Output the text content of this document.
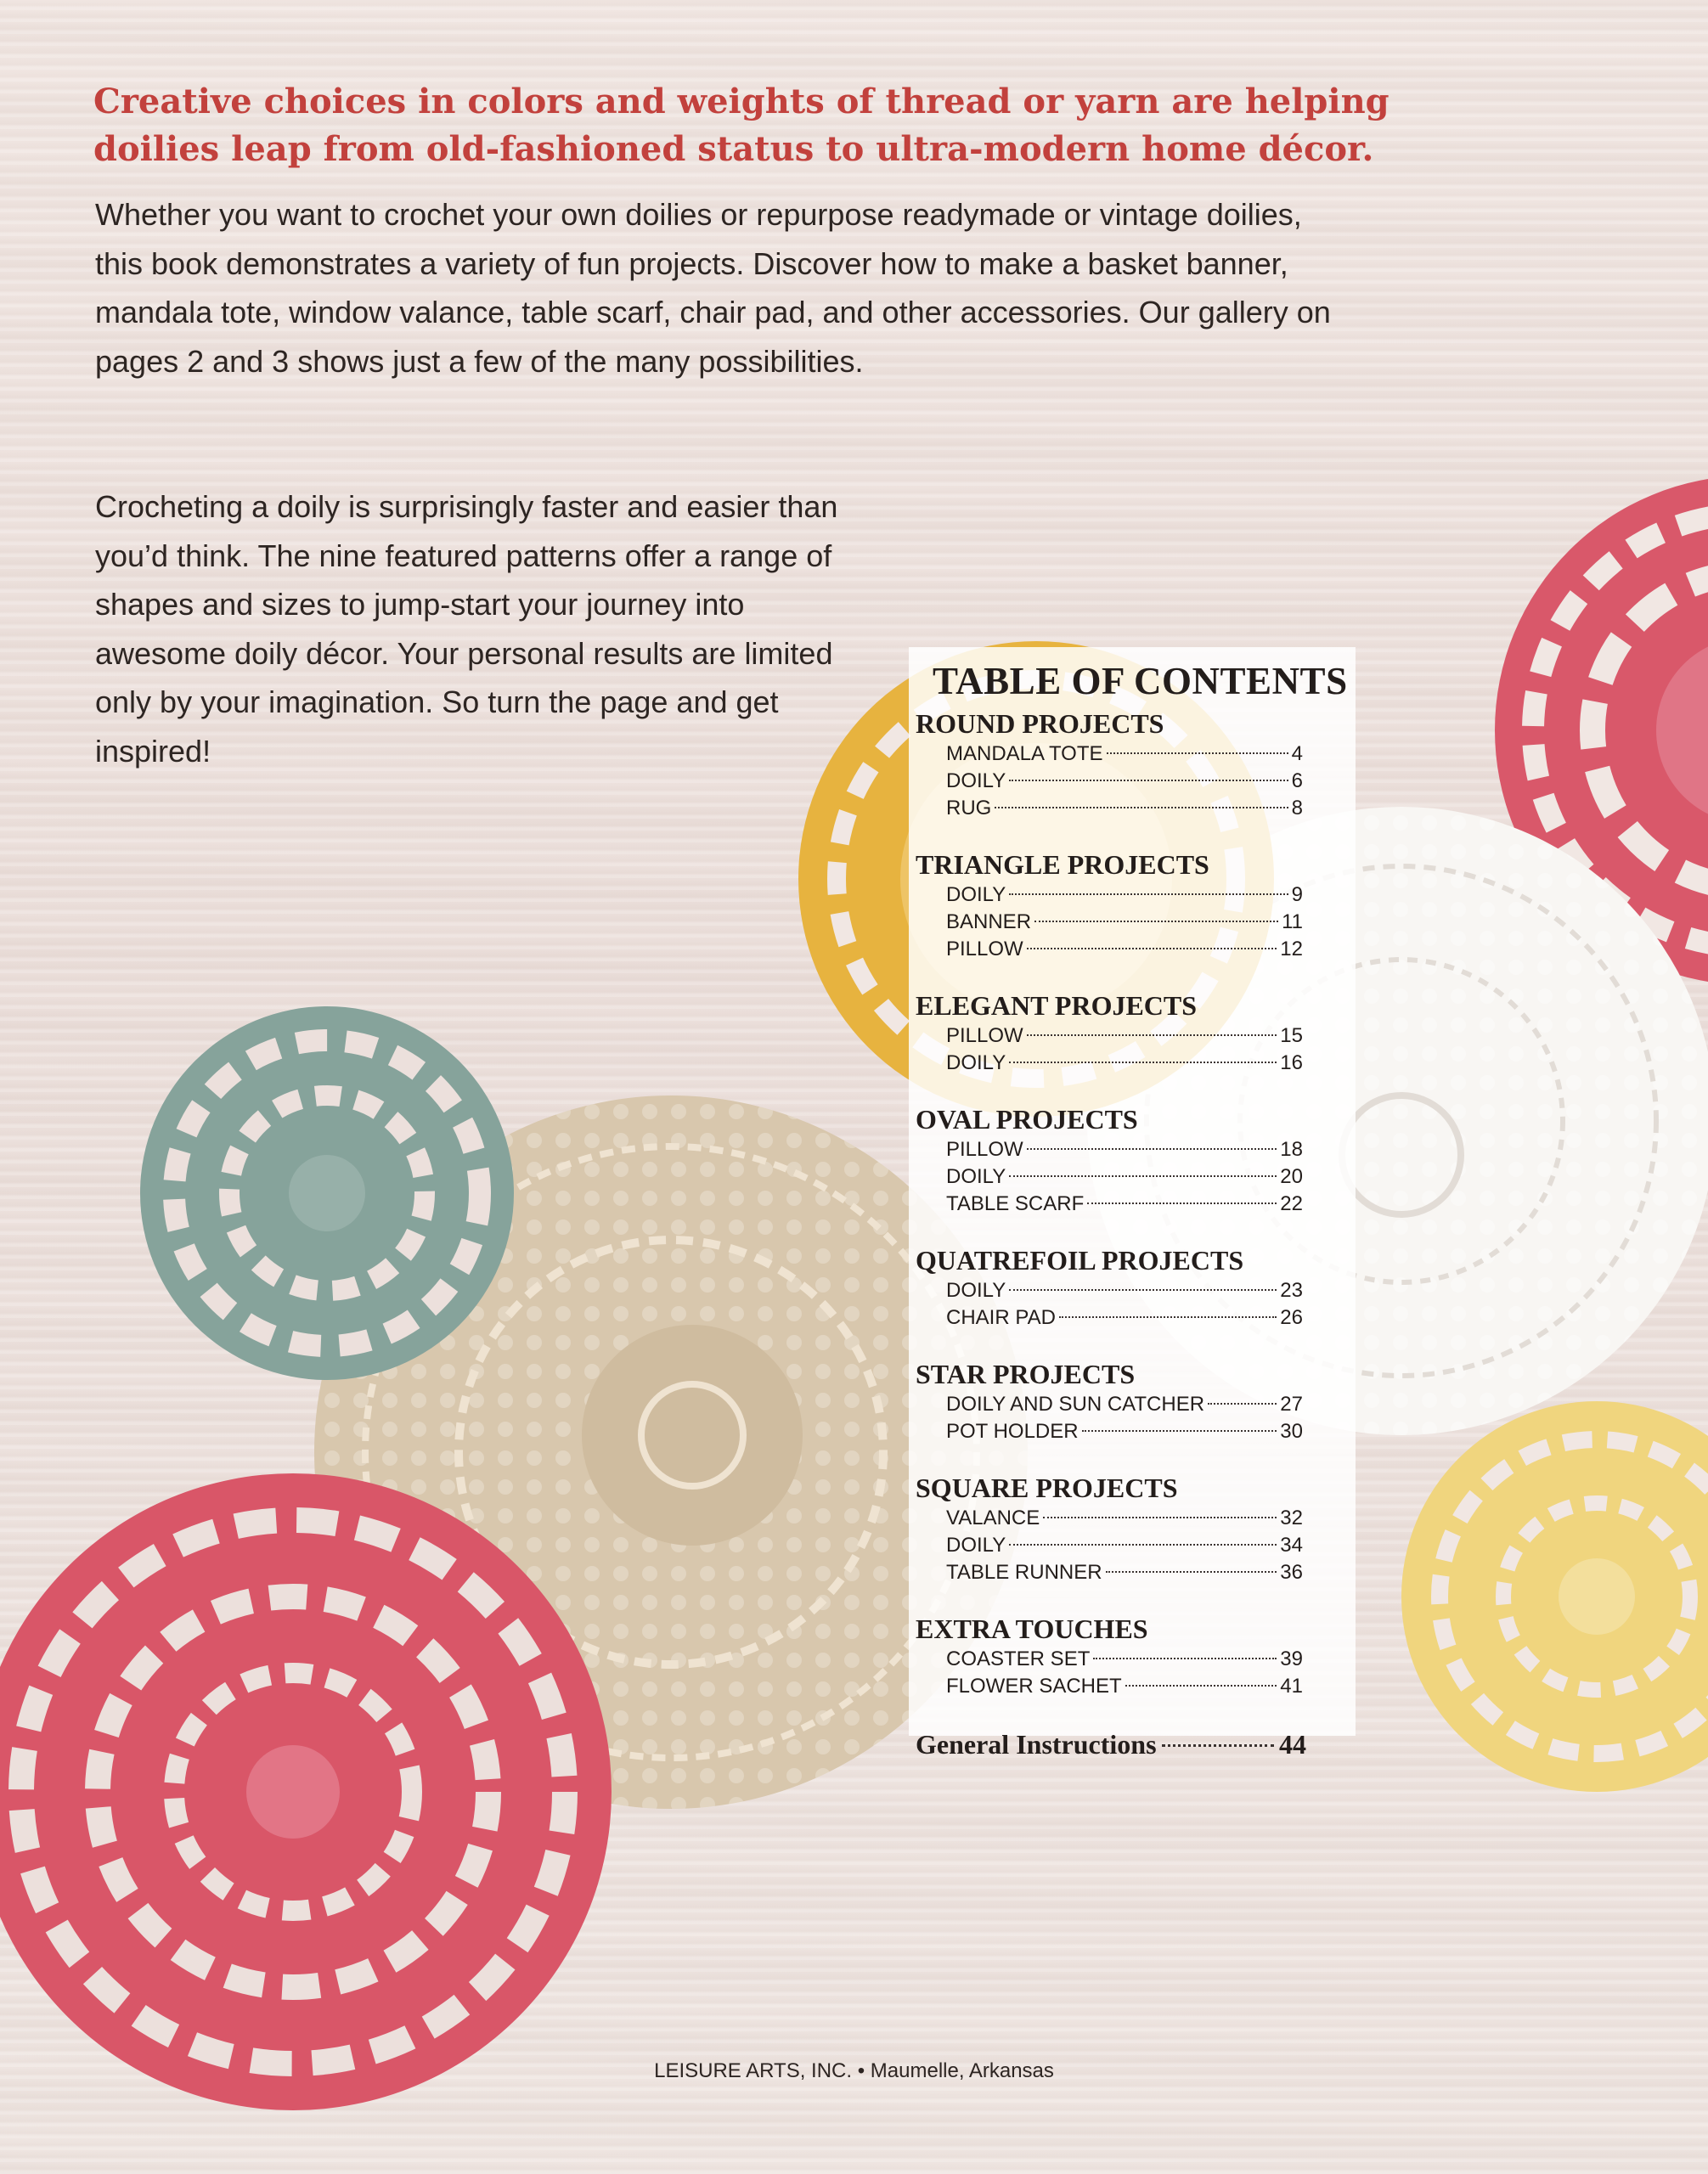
Creative choices in colors and weights of thread or yarn are helping doilies leap from old-fashioned status to ultra-modern home décor.

Whether you want to crochet your own doilies or repurpose readymade or vintage doilies, this book demonstrates a variety of fun projects. Discover how to make a basket banner, mandala tote, window valance, table scarf, chair pad, and other accessories. Our gallery on pages 2 and 3 shows just a few of the many possibilities.

Crocheting a doily is surprisingly faster and easier than you’d think. The nine featured patterns offer a range of shapes and sizes to jump-start your journey into awesome doily décor. Your personal results are limited only by your imagination. So turn the page and get inspired!

TABLE OF CONTENTS
ROUND PROJECTS
MANDALA TOTE	4
DOILY	6
RUG	8
TRIANGLE PROJECTS
DOILY	9
BANNER	11
PILLOW	12
ELEGANT PROJECTS
PILLOW	15
DOILY	16
OVAL PROJECTS
PILLOW	18
DOILY	20
TABLE SCARF	22
QUATREFOIL PROJECTS
DOILY	23
CHAIR PAD	26
STAR PROJECTS
DOILY AND SUN CATCHER	27
POT HOLDER	30
SQUARE PROJECTS
VALANCE	32
DOILY	34
TABLE RUNNER	36
EXTRA TOUCHES
COASTER SET	39
FLOWER SACHET	41
General Instructions	44
LEISURE ARTS, INC. • Maumelle, Arkansas
